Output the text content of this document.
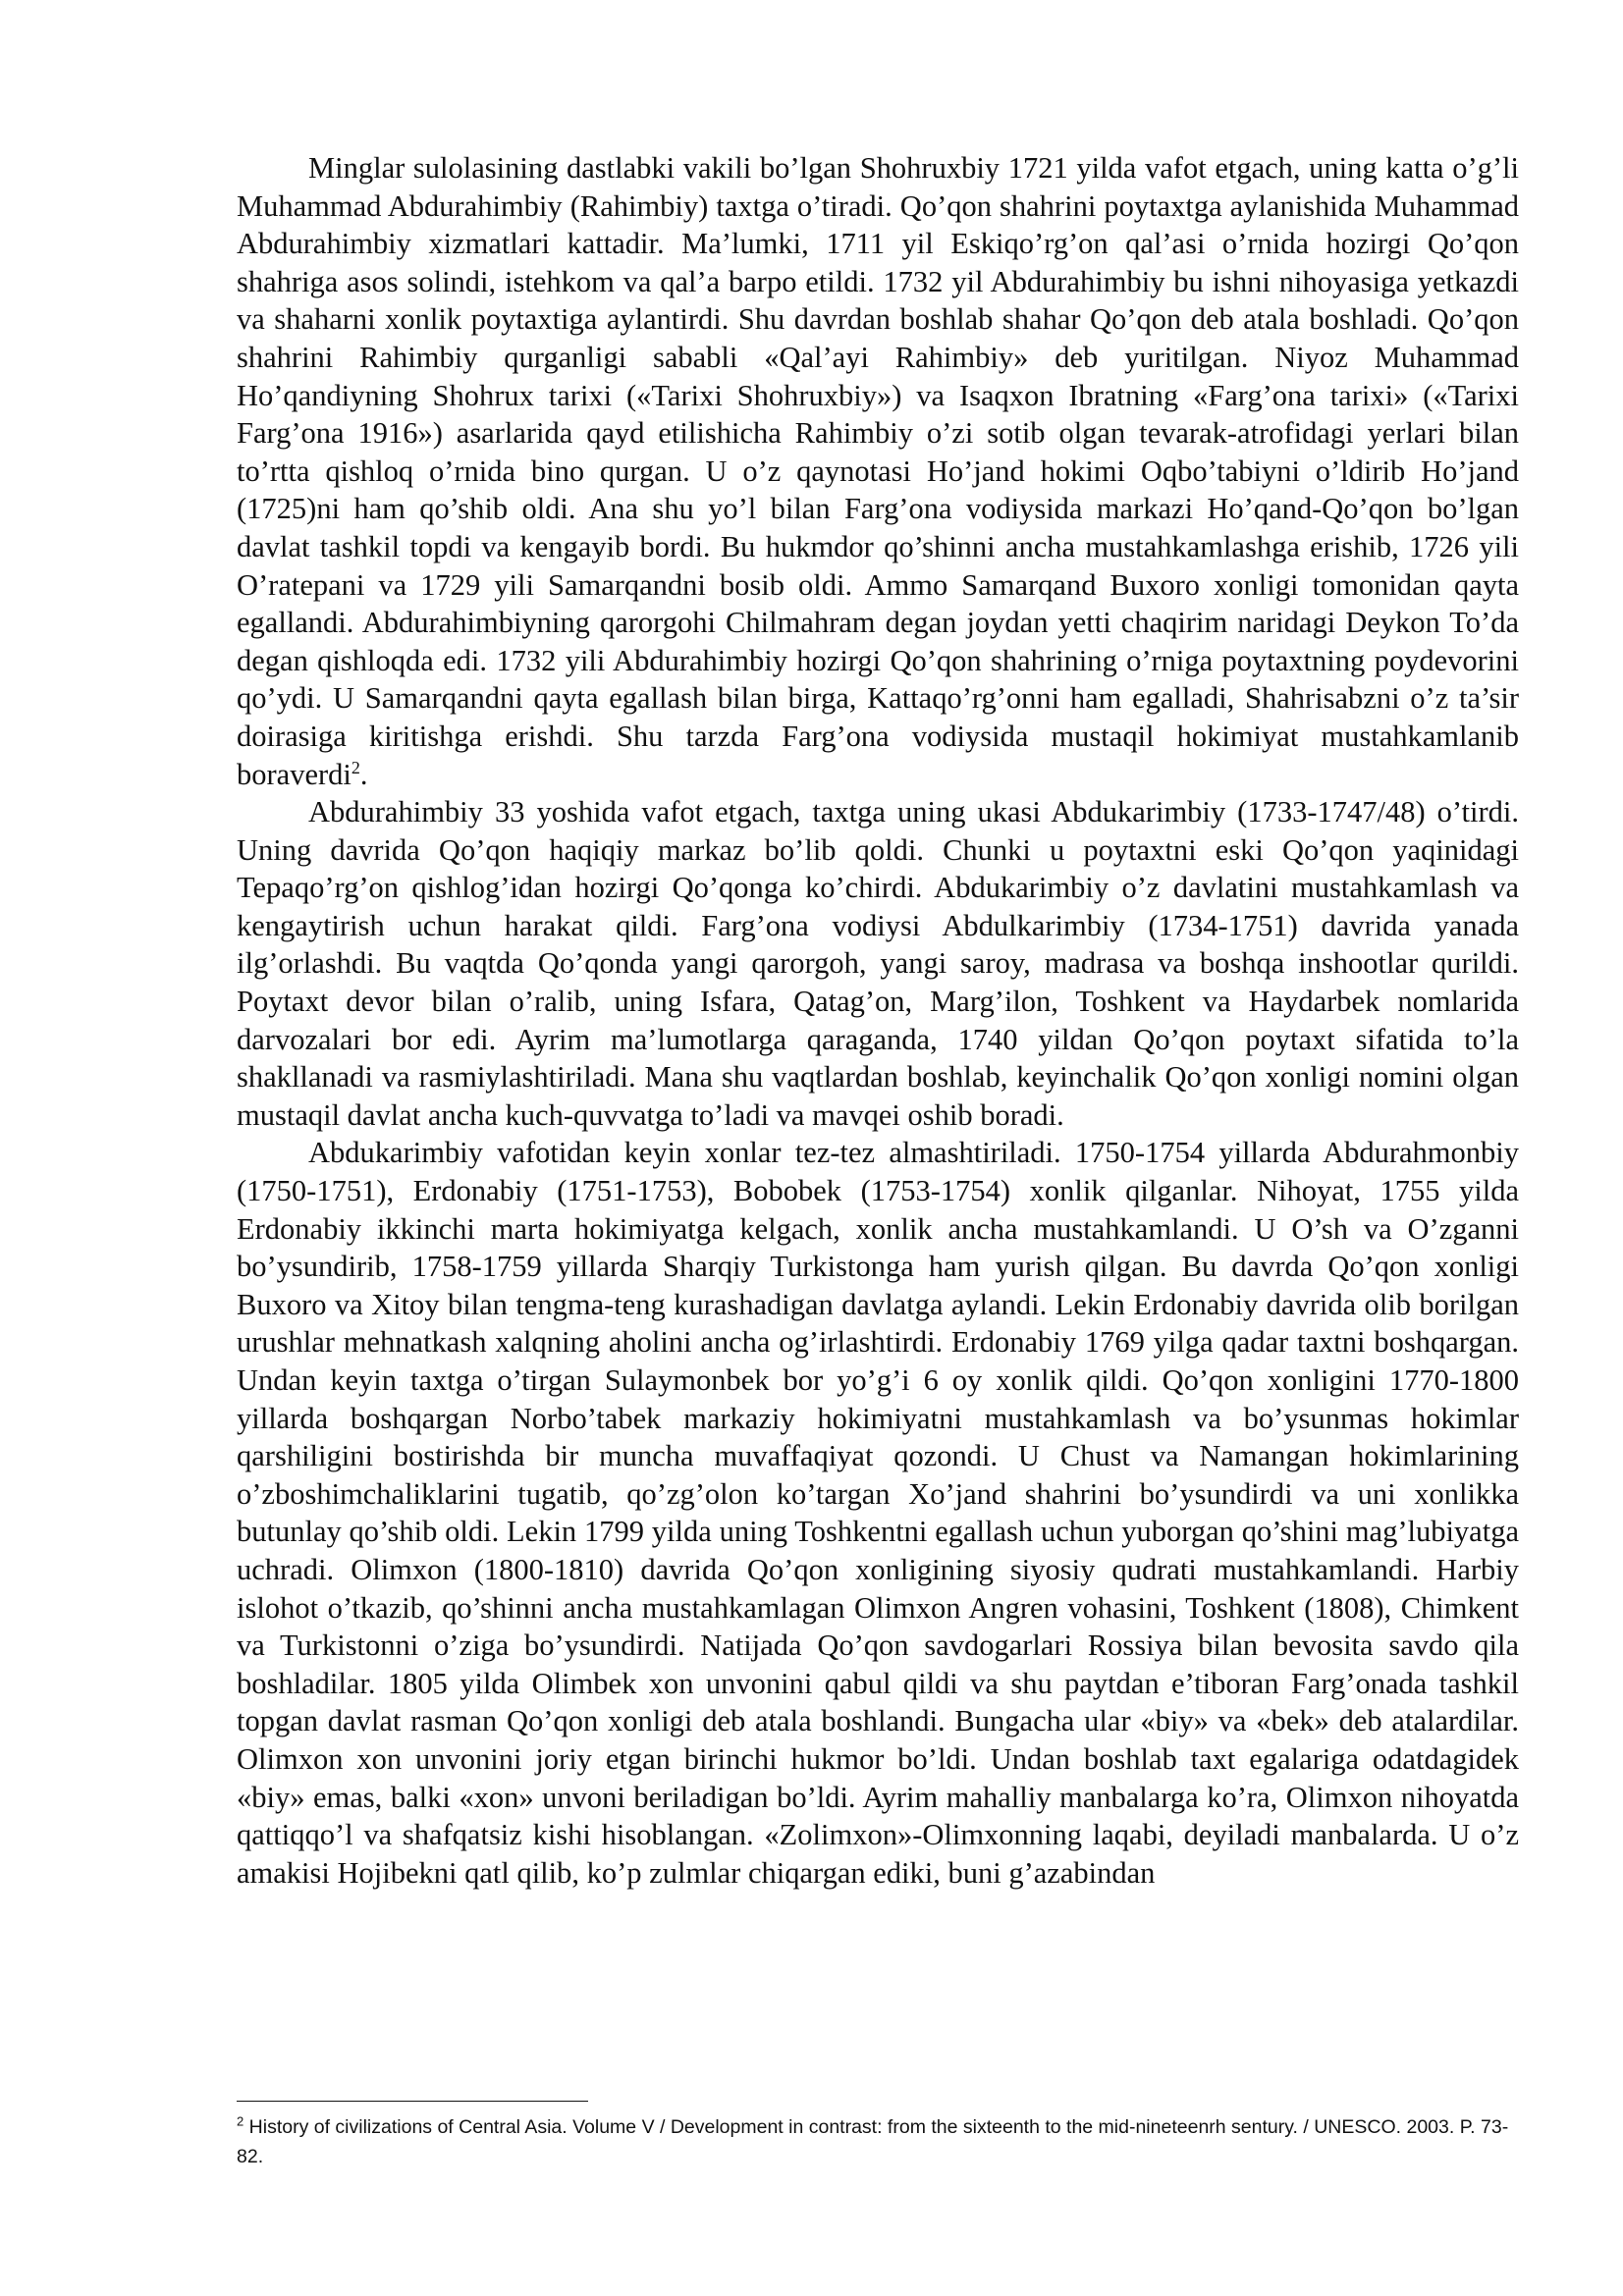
Minglar sulolasining dastlabki vakili bo’lgan Shohruxbiy 1721 yilda vafot etgach, uning katta o’g’li Muhammad Abdurahimbiy (Rahimbiy) taxtga o’tiradi. Qo’qon shahrini poytaxtga aylanishida Muhammad Abdurahimbiy xizmatlari kattadir. Ma’lumki, 1711 yil Eskiqo’rg’on qal’asi o’rnida hozirgi Qo’qon shahriga asos solindi, istehkom va qal’a barpo etildi. 1732 yil Abdurahimbiy bu ishni nihoyasiga yetkazdi va shaharni xonlik poytaxtiga aylantirdi. Shu davrdan boshlab shahar Qo’qon deb atala boshladi. Qo’qon shahrini Rahimbiy qurganligi sababli «Qal’ayi Rahimbiy» deb yuritilgan. Niyoz Muhammad Ho’qandiyning Shohrux tarixi («Tarixi Shohruxbiy») va Isaqxon Ibratning «Farg’ona tarixi» («Tarixi Farg’ona 1916») asarlarida qayd etilishicha Rahimbiy o’zi sotib olgan tevarak-atrofidagi yerlari bilan to’rtta qishloq o’rnida bino qurgan. U o’z qaynotasi Ho’jand hokimi Oqbo’tabiyni o’ldirib Ho’jand (1725)ni ham qo’shib oldi. Ana shu yo’l bilan Farg’ona vodiysida markazi Ho’qand-Qo’qon bo’lgan davlat tashkil topdi va kengayib bordi. Bu hukmdor qo’shinni ancha mustahkamlashga erishib, 1726 yili O’ratepani va 1729 yili Samarqandni bosib oldi. Ammo Samarqand Buxoro xonligi tomonidan qayta egallandi. Abdurahimbiyning qarorgohi Chilmahram degan joydan yetti chaqirim naridagi Deykon To’da degan qishloqda edi. 1732 yili Abdurahimbiy hozirgi Qo’qon shahrining o’rniga poytaxtning poydevorini qo’ydi. U Samarqandni qayta egallash bilan birga, Kattaqo’rg’onni ham egalladi, Shahrisabzni o’z ta’sir doirasiga kiritishga erishdi. Shu tarzda Farg’ona vodiysida mustaqil hokimiyat mustahkamlanib boraverdi$^2$.

Abdurahimbiy 33 yoshida vafot etgach, taxtga uning ukasi Abdukarimbiy (1733-1747/48) o’tirdi. Uning davrida Qo’qon haqiqiy markaz bo’lib qoldi. Chunki u poytaxtni eski Qo’qon yaqinidagi Tepaqo’rg’on qishlog’idan hozirgi Qo’qonga ko’chirdi. Abdukarimbiy o’z davlatini mustahkamlash va kengaytirish uchun harakat qildi. Farg’ona vodiysi Abdulkarimbiy (1734-1751) davrida yanada ilg’orlashdi. Bu vaqtda Qo’qonda yangi qarorgoh, yangi saroy, madrasa va boshqa inshootlar qurildi. Poytaxt devor bilan o’ralib, uning Isfara, Qatag’on, Marg’ilon, Toshkent va Haydarbek nomlarida darvozalari bor edi. Ayrim ma’lumotlarga qaraganda, 1740 yildan Qo’qon poytaxt sifatida to’la shakllanadi va rasmiylashtiriladi. Mana shu vaqtlardan boshlab, keyinchalik Qo’qon xonligi nomini olgan mustaqil davlat ancha kuch-quvvatga to’ladi va mavqei oshib boradi.

Abdukarimbiy vafotidan keyin xonlar tez-tez almashtiriladi. 1750-1754 yillarda Abdurahmonbiy (1750-1751), Erdonabiy (1751-1753), Bobobek (1753-1754) xonlik qilganlar. Nihoyat, 1755 yilda Erdonabiy ikkinchi marta hokimiyatga kelgach, xonlik ancha mustahkamlandi. U O’sh va O’zganni bo’ysundirib, 1758-1759 yillarda Sharqiy Turkistonga ham yurish qilgan. Bu davrda Qo’qon xonligi Buxoro va Xitoy bilan tengma-teng kurashadigan davlatga aylandi. Lekin Erdonabiy davrida olib borilgan urushlar mehnatkash xalqning aholini ancha og’irlashtirdi. Erdonabiy 1769 yilga qadar taxtni boshqargan. Undan keyin taxtga o’tirgan Sulaymonbek bor yo’g’i 6 oy xonlik qildi. Qo’qon xonligini 1770-1800 yillarda boshqargan Norbo’tabek markaziy hokimiyatni mustahkamlash va bo’ysunmas hokimlar qarshiligini bostirishda bir muncha muvaffaqiyat qozondi. U Chust va Namangan hokimlarining o’zboshimchaliklarini tugatib, qo’zg’olon ko’targan Xo’jand shahrini bo’ysundirdi va uni xonlikka butunlay qo’shib oldi. Lekin 1799 yilda uning Toshkentni egallash uchun yuborgan qo’shini mag’lubiyatga uchradi. Olimxon (1800-1810) davrida Qo’qon xonligining siyosiy qudrati mustahkamlandi. Harbiy islohot o’tkazib, qo’shinni ancha mustahkamlagan Olimxon Angren vohasini, Toshkent (1808), Chimkent va Turkistonni o’ziga bo’ysundirdi. Natijada Qo’qon savdogarlari Rossiya bilan bevosita savdo qila boshladilar. 1805 yilda Olimbek xon unvonini qabul qildi va shu paytdan e’tiboran Farg’onada tashkil topgan davlat rasman Qo’qon xonligi deb atala boshlandi. Bungacha ular «biy» va «bek» deb atalardilar. Olimxon xon unvonini joriy etgan birinchi hukmor bo’ldi. Undan boshlab taxt egalariga odatdagidek «biy» emas, balki «xon» unvoni beriladigan bo’ldi. Ayrim mahalliy manbalarga ko’ra, Olimxon nihoyatda qattiqqo’l va shafqatsiz kishi hisoblangan. «Zolimxon»-Olimxonning laqabi, deyiladi manbalarda. U o’z amakisi Hojibekni qatl qilib, ko’p zulmlar chiqargan ediki, buni g’azabindan

$^2$ History of civilizations of Central Asia. Volume V / Development in contrast: from the sixteenth to the mid-nineteenrh sentury. / UNESCO. 2003. P. 73-82.
